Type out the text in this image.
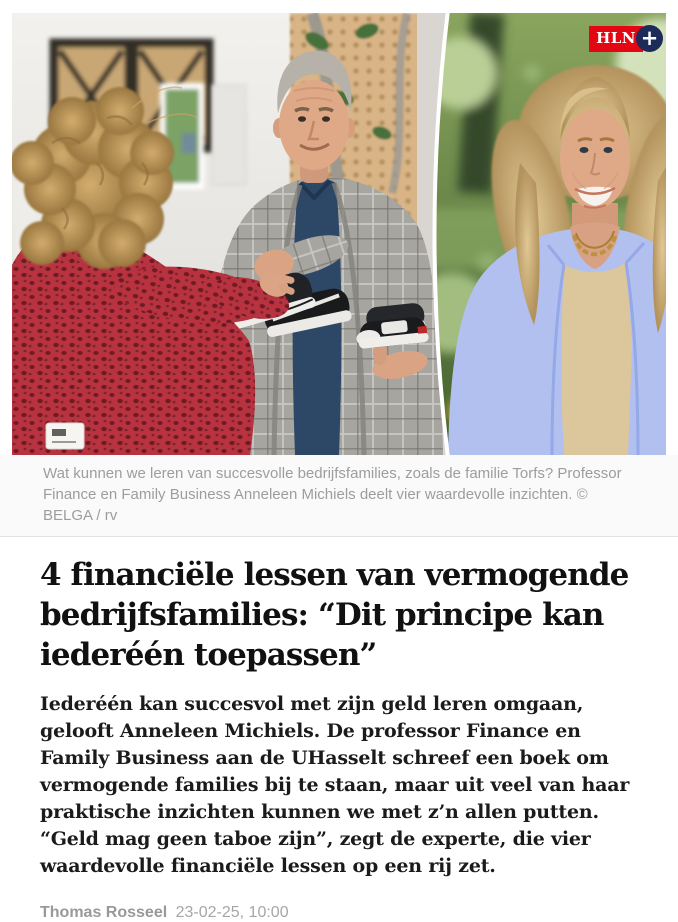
HLN +
Wat kunnen we leren van succesvolle bedrijfsfamilies, zoals de familie Torfs? Professor Finance en Family Business Anneleen Michiels deelt vier waardevolle inzichten. © BELGA / rv
4 financiële lessen van vermogende
bedrijfsfamilies: “Dit principe kan
iederéén toepassen”

Iederéén kan succesvol met zijn geld leren omgaan, gelooft Anneleen Michiels. De professor Finance en Family Business aan de UHasselt schreef een boek om vermogende families bij te staan, maar uit veel van haar praktische inzichten kunnen we met z’n allen putten. “Geld mag geen taboe zijn”, zegt de experte, die vier waardevolle financiële lessen op een rij zet.

Thomas Rosseel 23-02-25, 10:00
